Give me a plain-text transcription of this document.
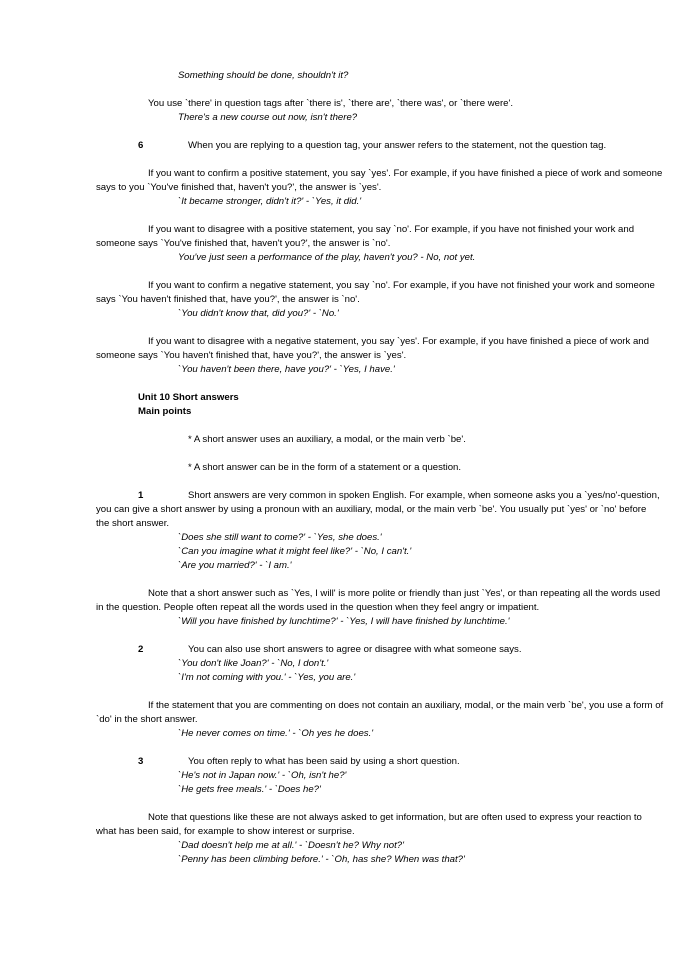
Something should be done, shouldn't it?
You use `there' in question tags after `there is', `there are', `there was', or `there were'.
There's a new course out now, isn't there?
6	When you are replying to a question tag, your answer refers to the statement, not the question tag.
If you want to confirm a positive statement, you say `yes'. For example, if you have finished a piece of work and someone
says to you `You've finished that, haven't you?', the answer is `yes'.
`It became stronger, didn't it?' - `Yes, it did.'
If you want to disagree with a positive statement, you say `no'. For example, if you have not finished your work and
someone says `You've finished that, haven't you?', the answer is `no'.
You've just seen a performance of the play, haven't you? - No, not yet.
If you want to confirm a negative statement, you say `no'. For example, if you have not finished your work and someone
says `You haven't finished that, have you?', the answer is `no'.
`You didn't know that, did you?' - `No.'
If you want to disagree with a negative statement, you say `yes'. For example, if you have finished a piece of work and
someone says `You haven't finished that, have you?', the answer is `yes'.
`You haven't been there, have you?' - `Yes, I have.'
Unit 10 Short answers
Main points
* A short answer uses an auxiliary, a modal, or the main verb `be'.
* A short answer can be in the form of a statement or a question.
1	Short answers are very common in spoken English. For example, when someone asks you a `yes/no'-question,
you can give a short answer by using a pronoun with an auxiliary, modal, or the main verb `be'. You usually put `yes' or `no' before
the short answer.
`Does she still want to come?' - `Yes, she does.'
`Can you imagine what it might feel like?' - `No, I can't.'
`Are you married?' - `I am.'
Note that a short answer such as `Yes, I will' is more polite or friendly than just `Yes', or than repeating all the words used
in the question. People often repeat all the words used in the question when they feel angry or impatient.
`Will you have finished by lunchtime?' - `Yes, I will have finished by lunchtime.'
2	You can also use short answers to agree or disagree with what someone says.
`You don't like Joan?' - `No, I don't.'
`I'm not coming with you.' - `Yes, you are.'
If the statement that you are commenting on does not contain an auxiliary, modal, or the main verb `be', you use a form of
`do' in the short answer.
`He never comes on time.' - `Oh yes he does.'
3	You often reply to what has been said by using a short question.
`He's not in Japan now.' - `Oh, isn't he?'
`He gets free meals.' - `Does he?'
Note that questions like these are not always asked to get information, but are often used to express your reaction to
what has been said, for example to show interest or surprise.
`Dad doesn't help me at all.' - `Doesn't he? Why not?'
`Penny has been climbing before.' - `Oh, has she? When was that?'
